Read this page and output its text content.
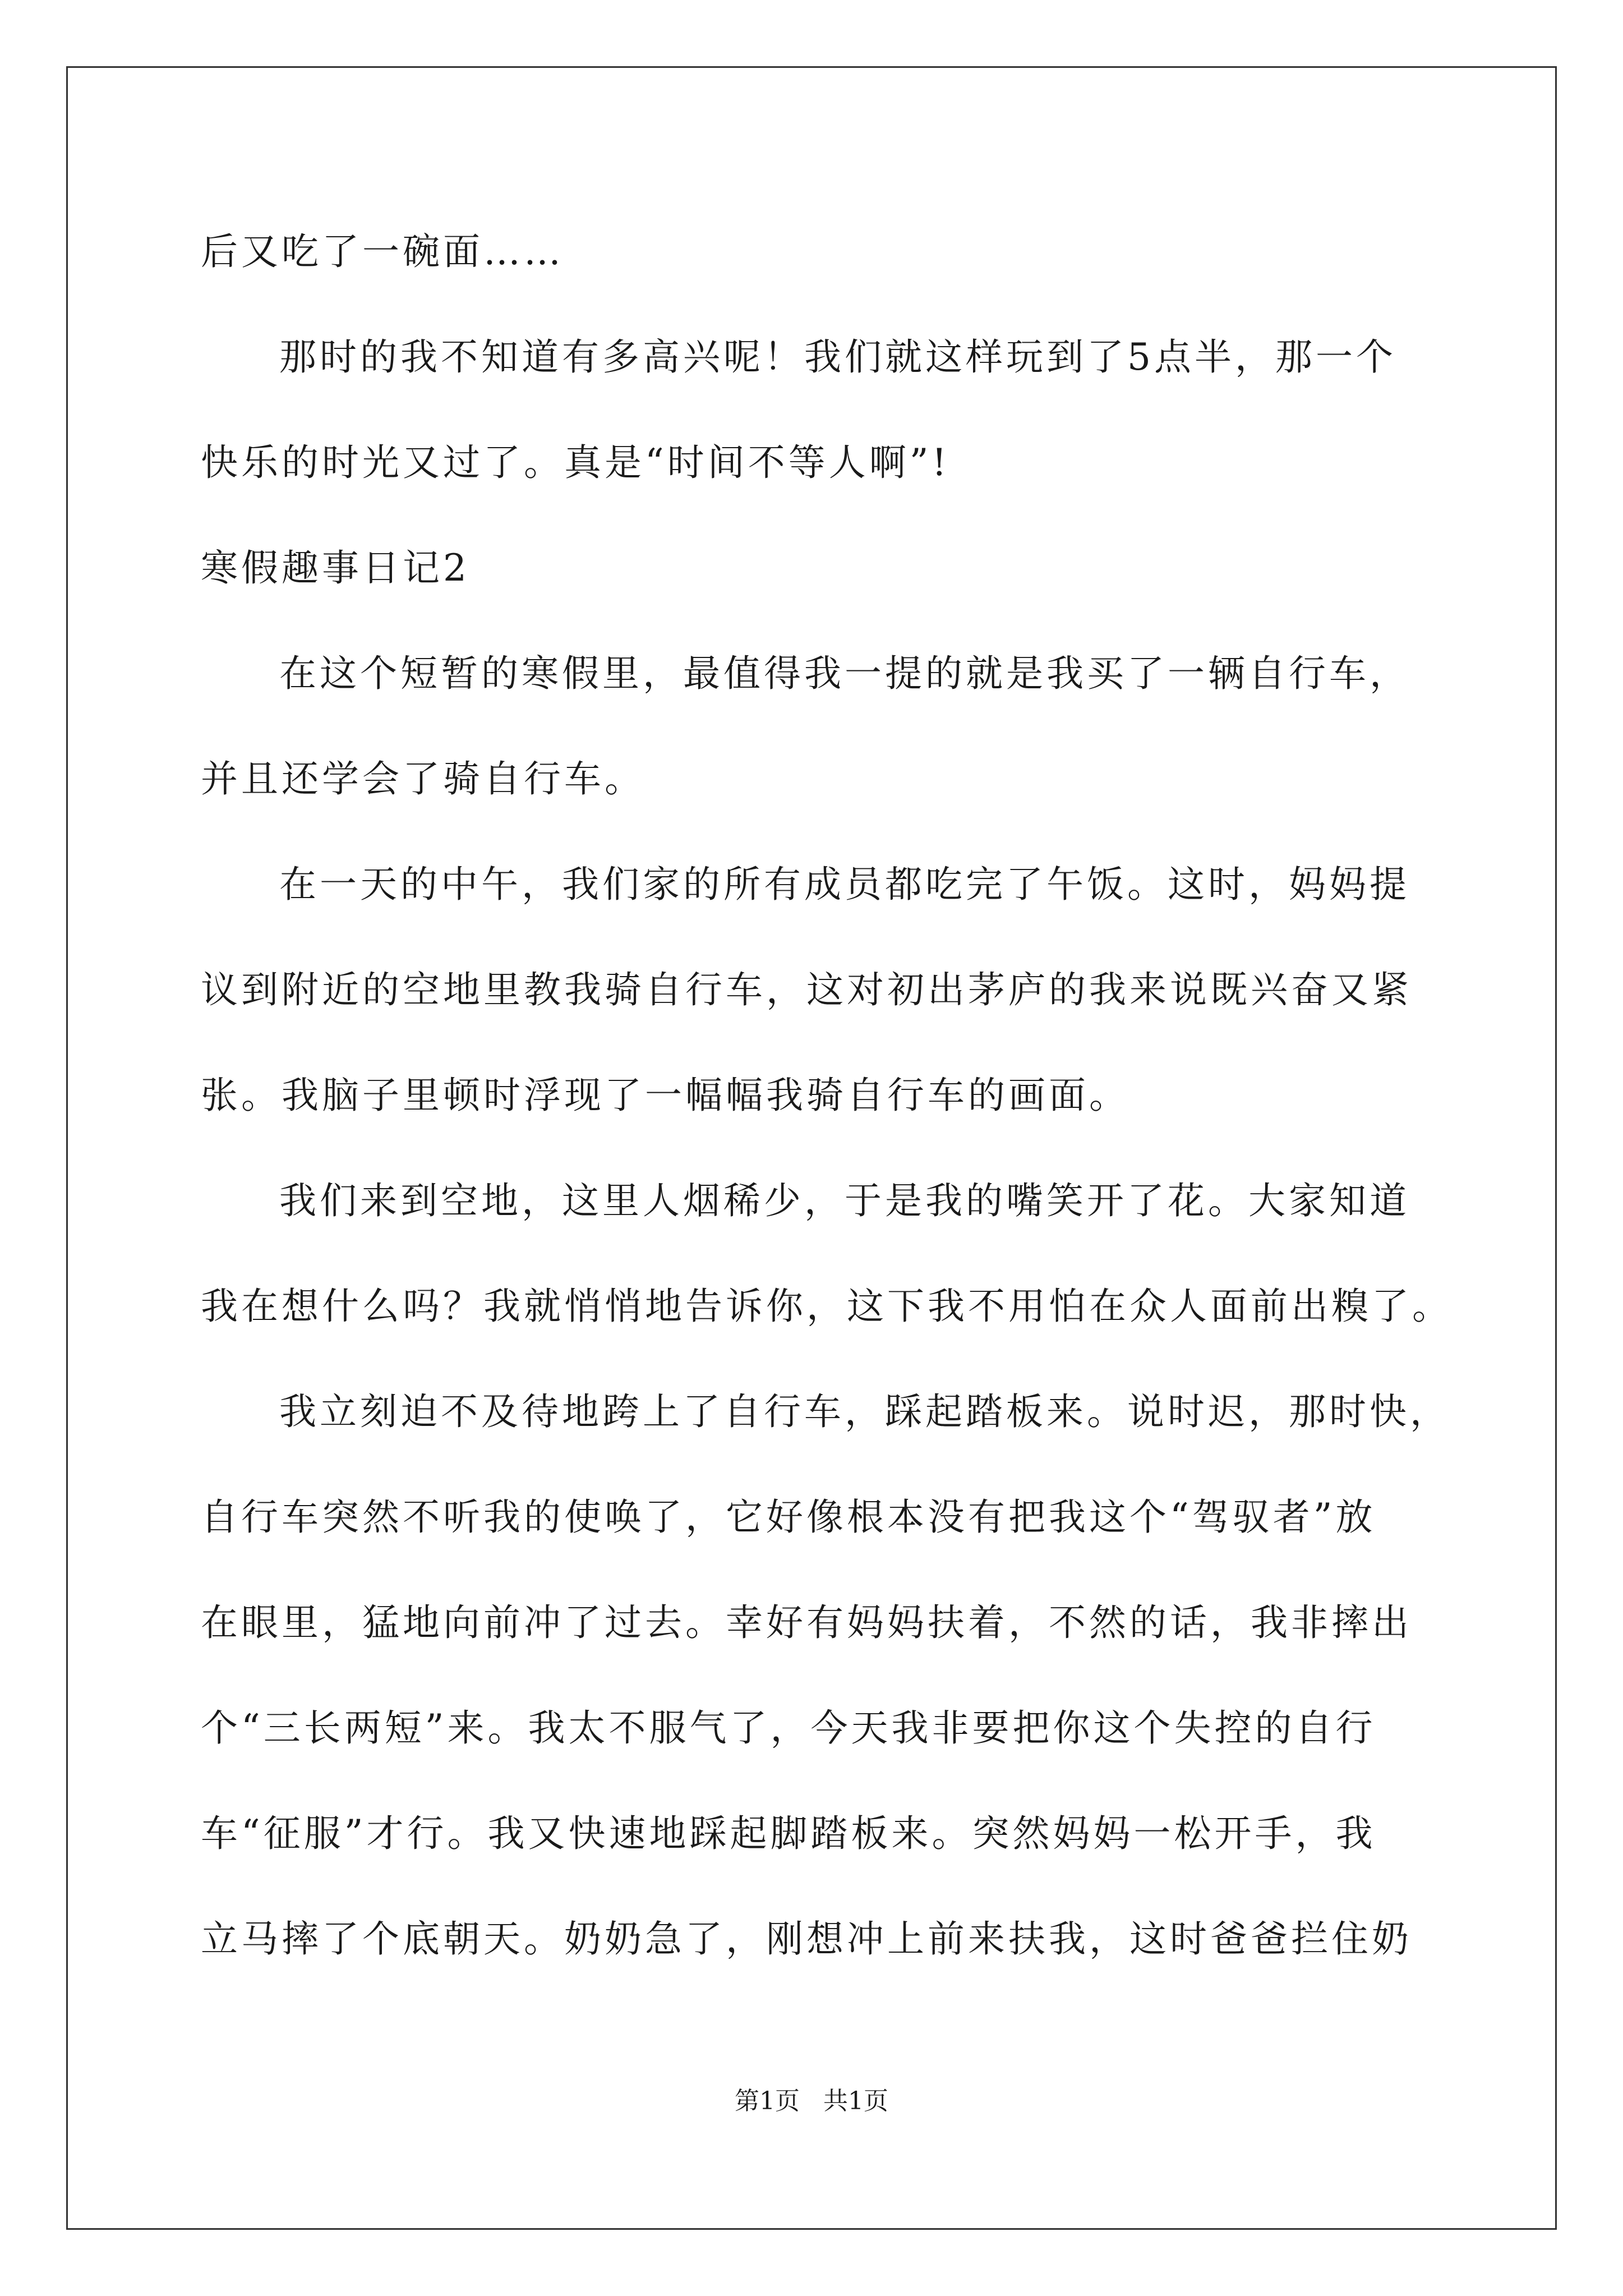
后又吃了一碗面……
那时的我不知道有多高兴呢！我们就这样玩到了5点半，那一个
快乐的时光又过了。真是“时间不等人啊”!
寒假趣事日记2
在这个短暂的寒假里，最值得我一提的就是我买了一辆自行车，
并且还学会了骑自行车。
在一天的中午，我们家的所有成员都吃完了午饭。这时，妈妈提
议到附近的空地里教我骑自行车，这对初出茅庐的我来说既兴奋又紧
张。我脑子里顿时浮现了一幅幅我骑自行车的画面。
我们来到空地，这里人烟稀少，于是我的嘴笑开了花。大家知道
我在想什么吗？我就悄悄地告诉你，这下我不用怕在众人面前出糗了。
我立刻迫不及待地跨上了自行车，踩起踏板来。说时迟，那时快，
自行车突然不听我的使唤了，它好像根本没有把我这个“驾驭者”放
在眼里，猛地向前冲了过去。幸好有妈妈扶着，不然的话，我非摔出
个“三长两短”来。我太不服气了，今天我非要把你这个失控的自行
车“征服”才行。我又快速地踩起脚踏板来。突然妈妈一松开手，我
立马摔了个底朝天。奶奶急了，刚想冲上前来扶我，这时爸爸拦住奶
第1页   共1页
